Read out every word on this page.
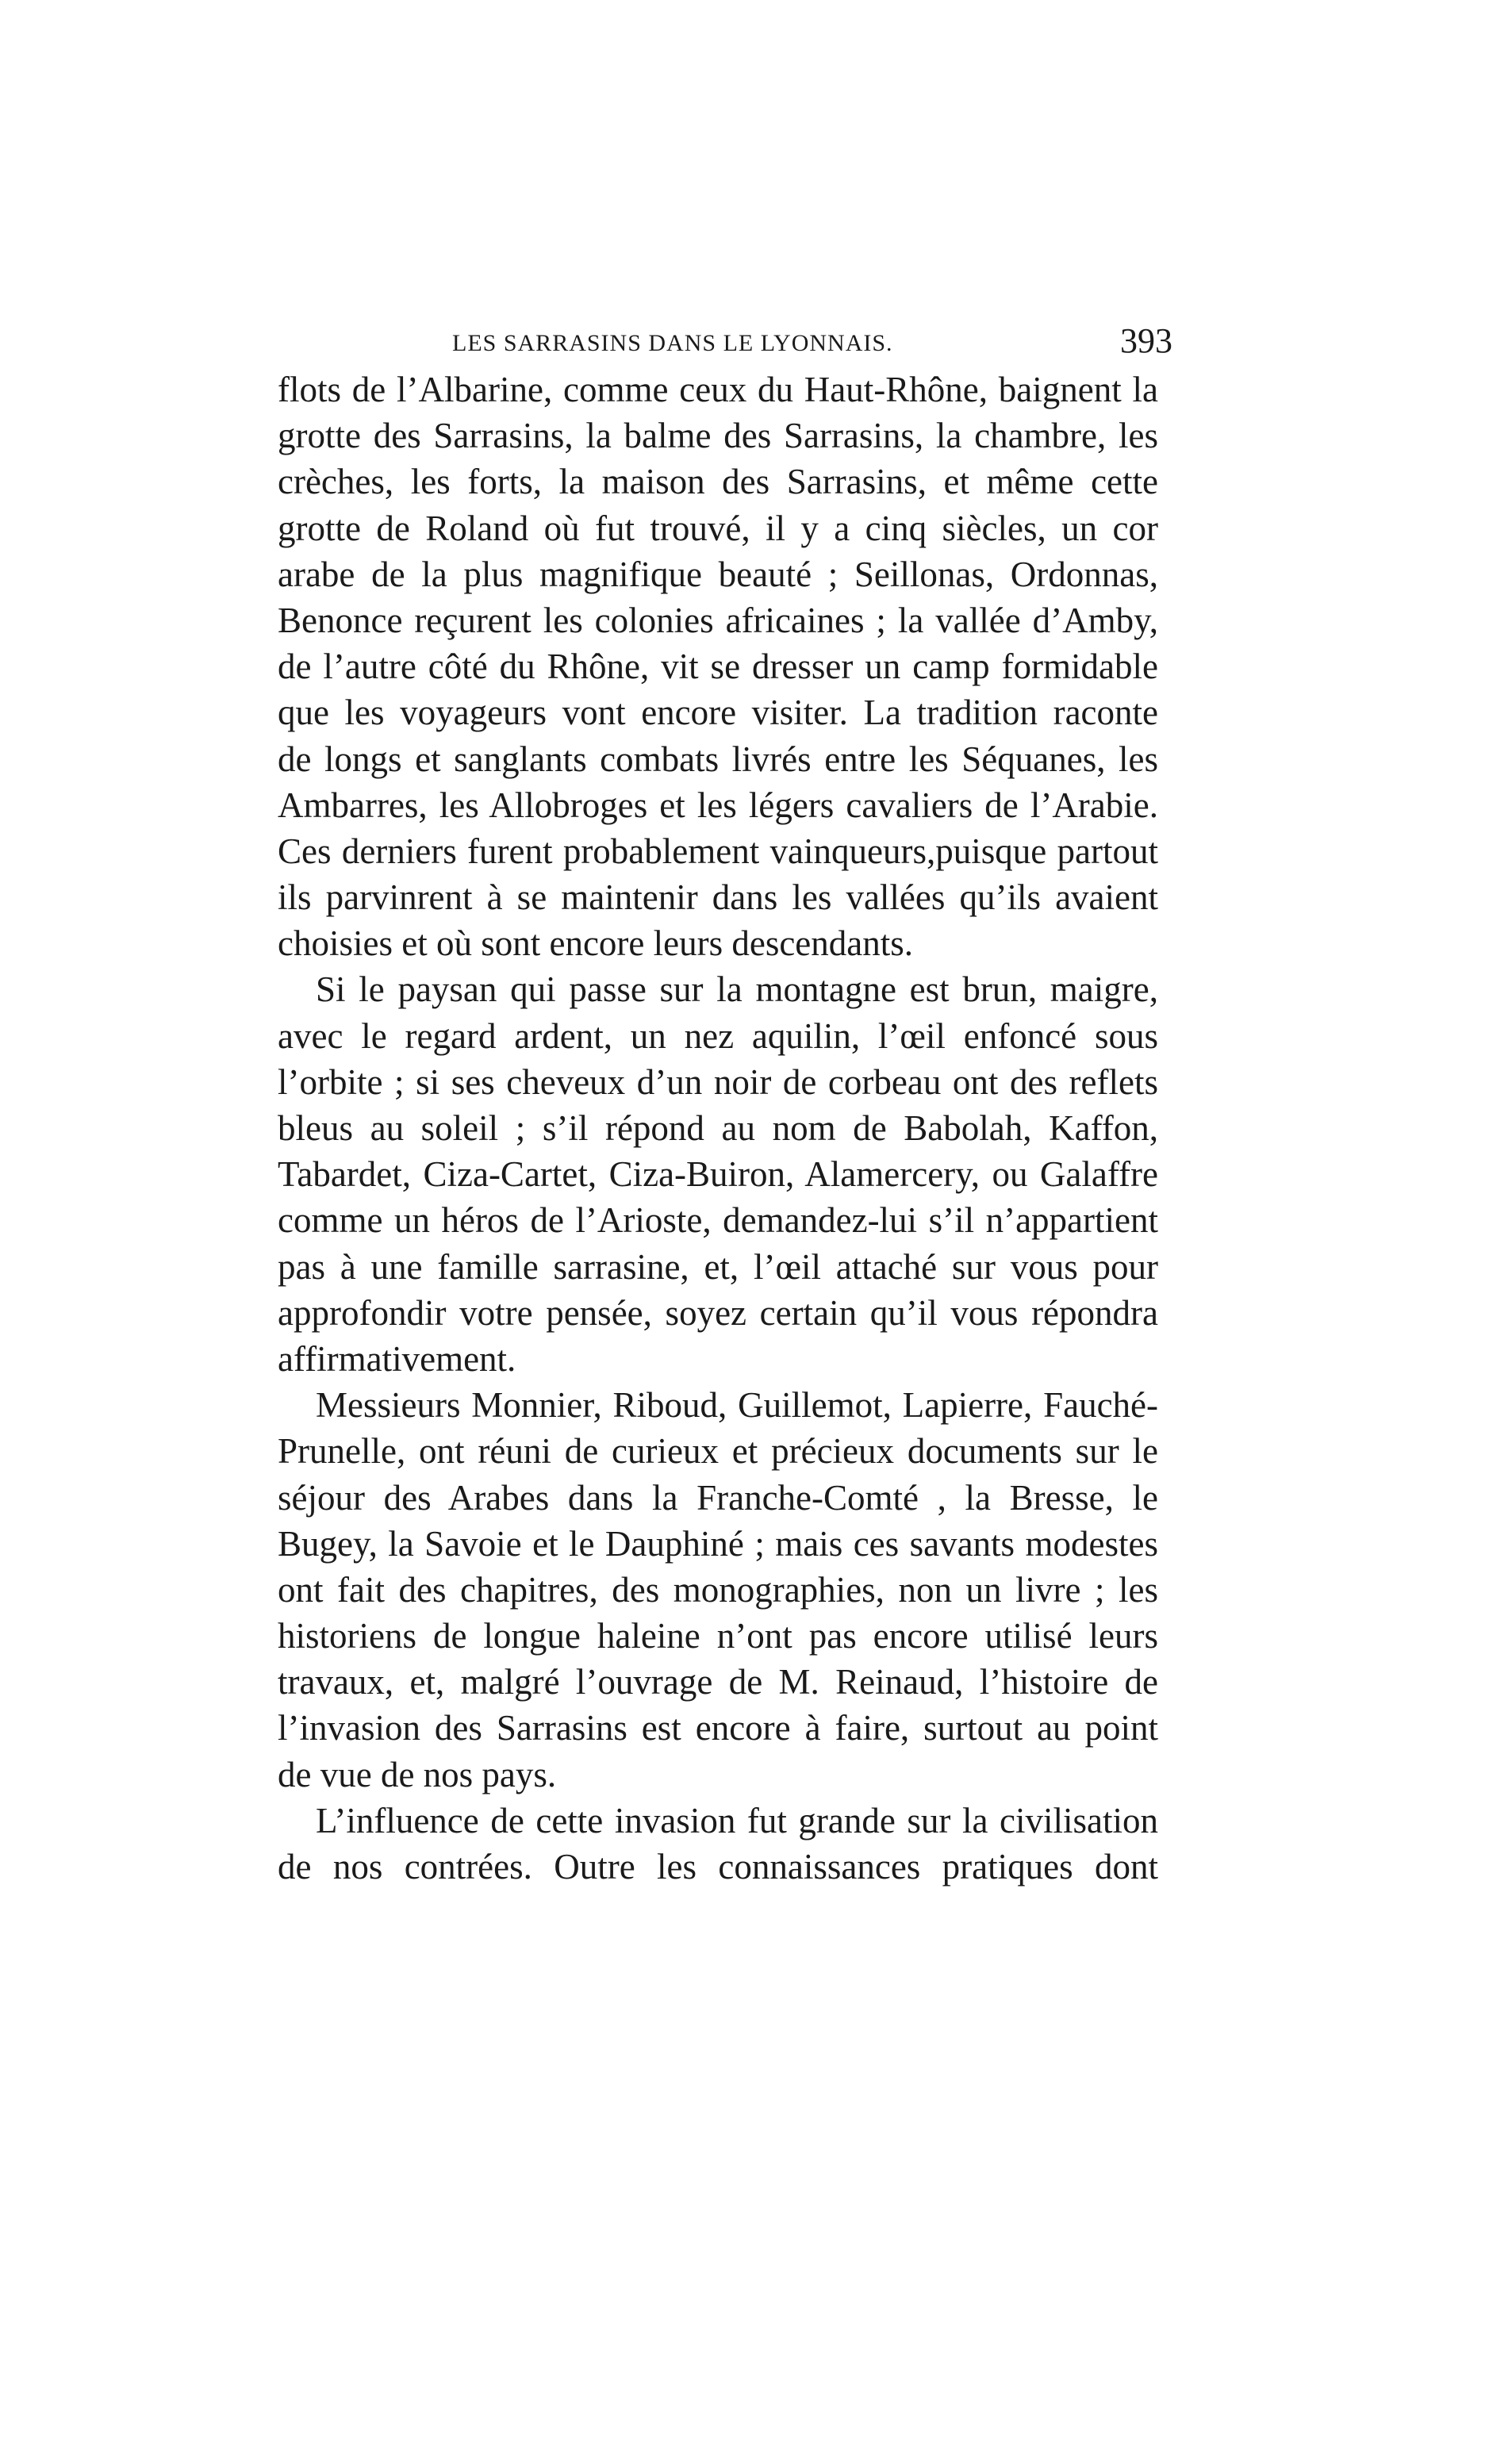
LES SARRASINS DANS LE LYONNAIS.	393
flots de l’Albarine, comme ceux du Haut-Rhône, baignent la
grotte des Sarrasins, la balme des Sarrasins, la chambre, les
crèches, les forts, la maison des Sarrasins, et même cette
grotte de Roland où fut trouvé, il y a cinq siècles, un cor
arabe de la plus magnifique beauté ; Seillonas, Ordonnas,
Benonce reçurent les colonies africaines ; la vallée d’Amby,
de l’autre côté du Rhône, vit se dresser un camp formidable
que les voyageurs vont encore visiter. La tradition raconte
de longs et sanglants combats livrés entre les Séquanes, les
Ambarres, les Allobroges et les légers cavaliers de l’Arabie.
Ces derniers furent probablement vainqueurs,puisque partout
ils parvinrent à se maintenir dans les vallées qu’ils avaient
choisies et où sont encore leurs descendants.
Si le paysan qui passe sur la montagne est brun, maigre,
avec le regard ardent, un nez aquilin, l’œil enfoncé sous
l’orbite ; si ses cheveux d’un noir de corbeau ont des reflets
bleus au soleil ; s’il répond au nom de Babolah, Kaffon,
Tabardet, Ciza-Cartet, Ciza-Buiron, Alamercery, ou Galaffre
comme un héros de l’Arioste, demandez-lui s’il n’appartient
pas à une famille sarrasine, et, l’œil attaché sur vous pour
approfondir votre pensée, soyez certain qu’il vous répondra
affirmativement.
Messieurs Monnier, Riboud, Guillemot, Lapierre, Fauché-
Prunelle, ont réuni de curieux et précieux documents sur le
séjour des Arabes dans la Franche-Comté , la Bresse, le
Bugey, la Savoie et le Dauphiné ; mais ces savants modestes
ont fait des chapitres, des monographies, non un livre ; les
historiens de longue haleine n’ont pas encore utilisé leurs
travaux, et, malgré l’ouvrage de M. Reinaud, l’histoire de
l’invasion des Sarrasins est encore à faire, surtout au point
de vue de nos pays.
L’influence de cette invasion fut grande sur la civilisation
de nos contrées. Outre les connaissances pratiques dont
